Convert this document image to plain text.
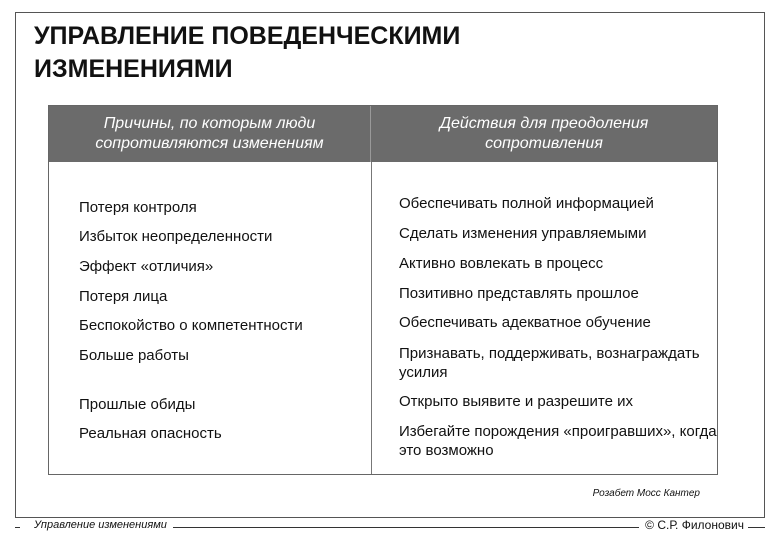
УПРАВЛЕНИЕ ПОВЕДЕНЧЕСКИМИ ИЗМЕНЕНИЯМИ
Причины, по которым люди сопротивляются изменениям
Действия для преодоления сопротивления
Потеря контроля
Избыток неопределенности
Эффект «отличия»
Потеря лица
Беспокойство о компетентности
Больше работы
Прошлые обиды
Реальная опасность
Обеспечивать полной информацией
Сделать изменения управляемыми
Активно вовлекать в процесс
Позитивно представлять прошлое
Обеспечивать адекватное обучение
Признавать, поддерживать, вознаграждать усилия
Открыто выявите и разрешите их
Избегайте порождения «проигравших», когда это возможно
Розабет Мосс Кантер
Управление изменениями	© С.Р. Филонович
